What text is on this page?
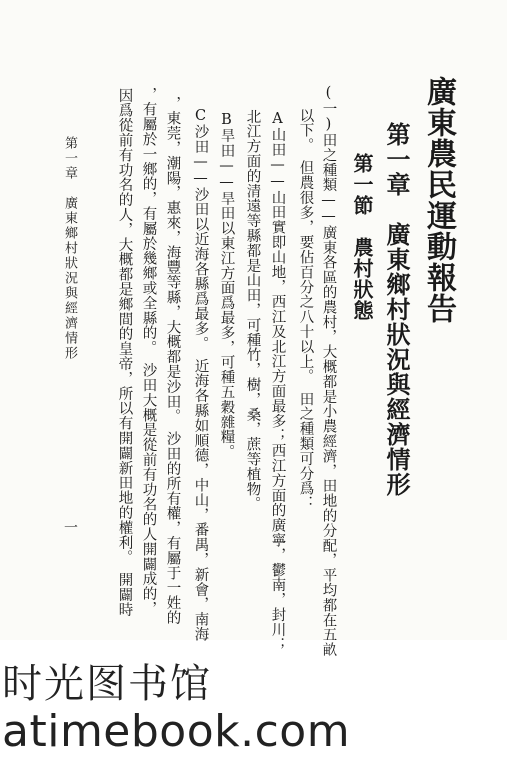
廣東農民運動報告
第一章　廣東鄉村狀況與經濟情形
第一節　農村狀態
(一)田之種類——廣東各區的農村，大概都是小農經濟，田地的分配，平均都在五畝
以下。　但農很多，要佔百分之八十以上。　田之種類可分爲：
A山田——山田實即山地，西江及北江方面最多；西江方面的廣寧，鬱南，封川；
北江方面的清遠等縣都是山田，可種竹，樹，桑，蔗等植物。
B旱田——旱田以東江方面爲最多，可種五穀雜糧。
C沙田——沙田以近海各縣爲最多。　近海各縣如順德，中山，番禺，新會，南海
，東莞，潮陽，惠來，海豐等縣，大概都是沙田。　沙田的所有權，有屬于一姓的
，有屬於一鄉的，有屬於幾鄉或全縣的。　沙田大概是從前有功名的人開闢成的，
因爲從前有功名的人，大概都是鄉間的皇帝，所以有開闢新田地的權利。　開闢時
第一章　廣東鄉村狀況與經濟情形
一
时光图书馆
atimebook.com
